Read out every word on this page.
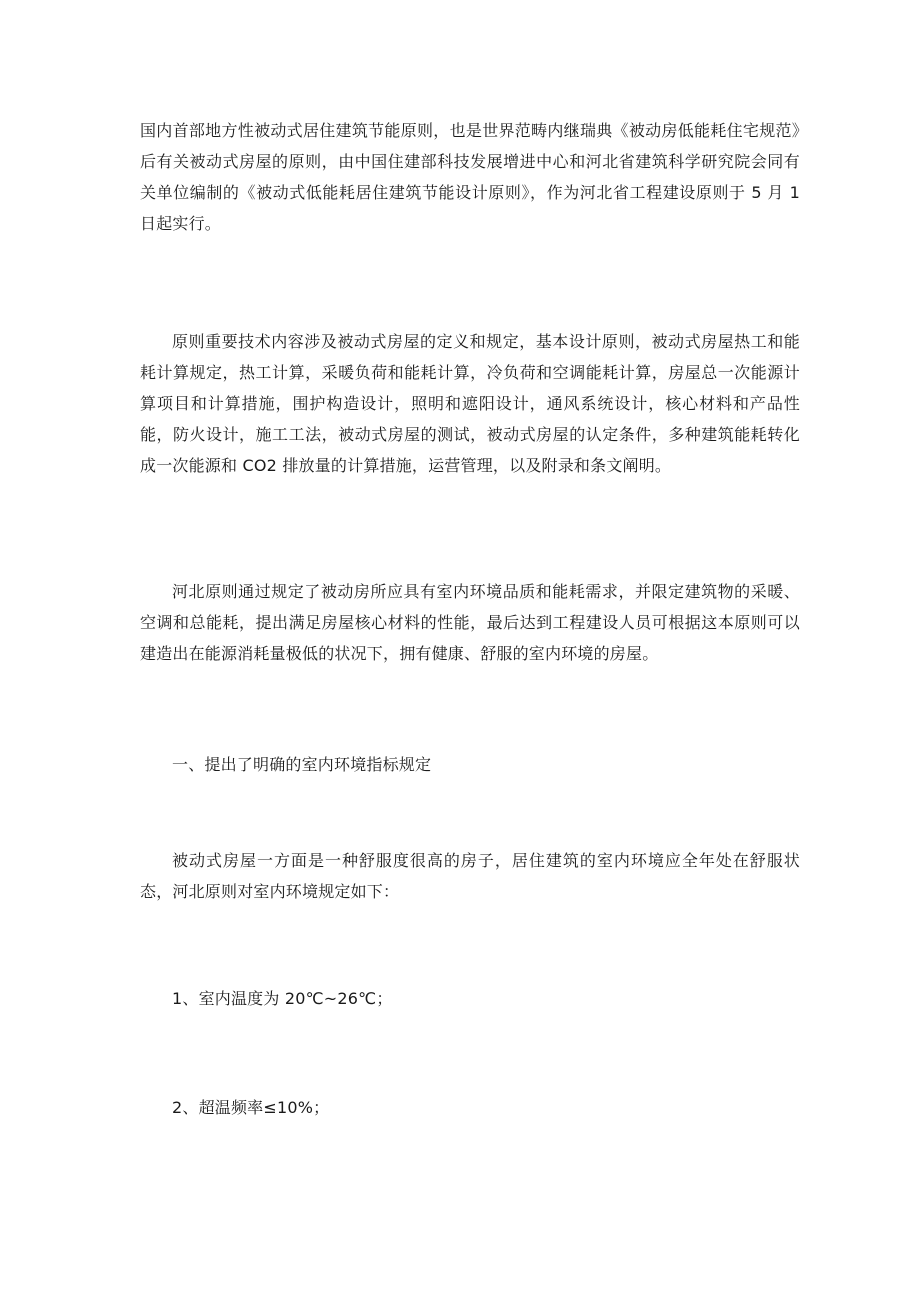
国内首部地方性被动式居住建筑节能原则，也是世界范畴内继瑞典《被动房低能耗住宅规范》后有关被动式房屋的原则，由中国住建部科技发展增进中心和河北省建筑科学研究院会同有关单位编制的《被动式低能耗居住建筑节能设计原则》，作为河北省工程建设原则于 5 月 1 日起实行。

原则重要技术内容涉及被动式房屋的定义和规定，基本设计原则，被动式房屋热工和能耗计算规定，热工计算，采暖负荷和能耗计算，冷负荷和空调能耗计算，房屋总一次能源计算项目和计算措施，围护构造设计，照明和遮阳设计，通风系统设计，核心材料和产品性能，防火设计，施工工法，被动式房屋的测试，被动式房屋的认定条件，多种建筑能耗转化成一次能源和 CO2 排放量的计算措施，运营管理，以及附录和条文阐明。

河北原则通过规定了被动房所应具有室内环境品质和能耗需求，并限定建筑物的采暖、空调和总能耗，提出满足房屋核心材料的性能，最后达到工程建设人员可根据这本原则可以建造出在能源消耗量极低的状况下，拥有健康、舒服的室内环境的房屋。

一、提出了明确的室内环境指标规定

被动式房屋一方面是一种舒服度很高的房子，居住建筑的室内环境应全年处在舒服状态，河北原则对室内环境规定如下：

1、室内温度为 20℃~26℃；

2、超温频率≤10%；
